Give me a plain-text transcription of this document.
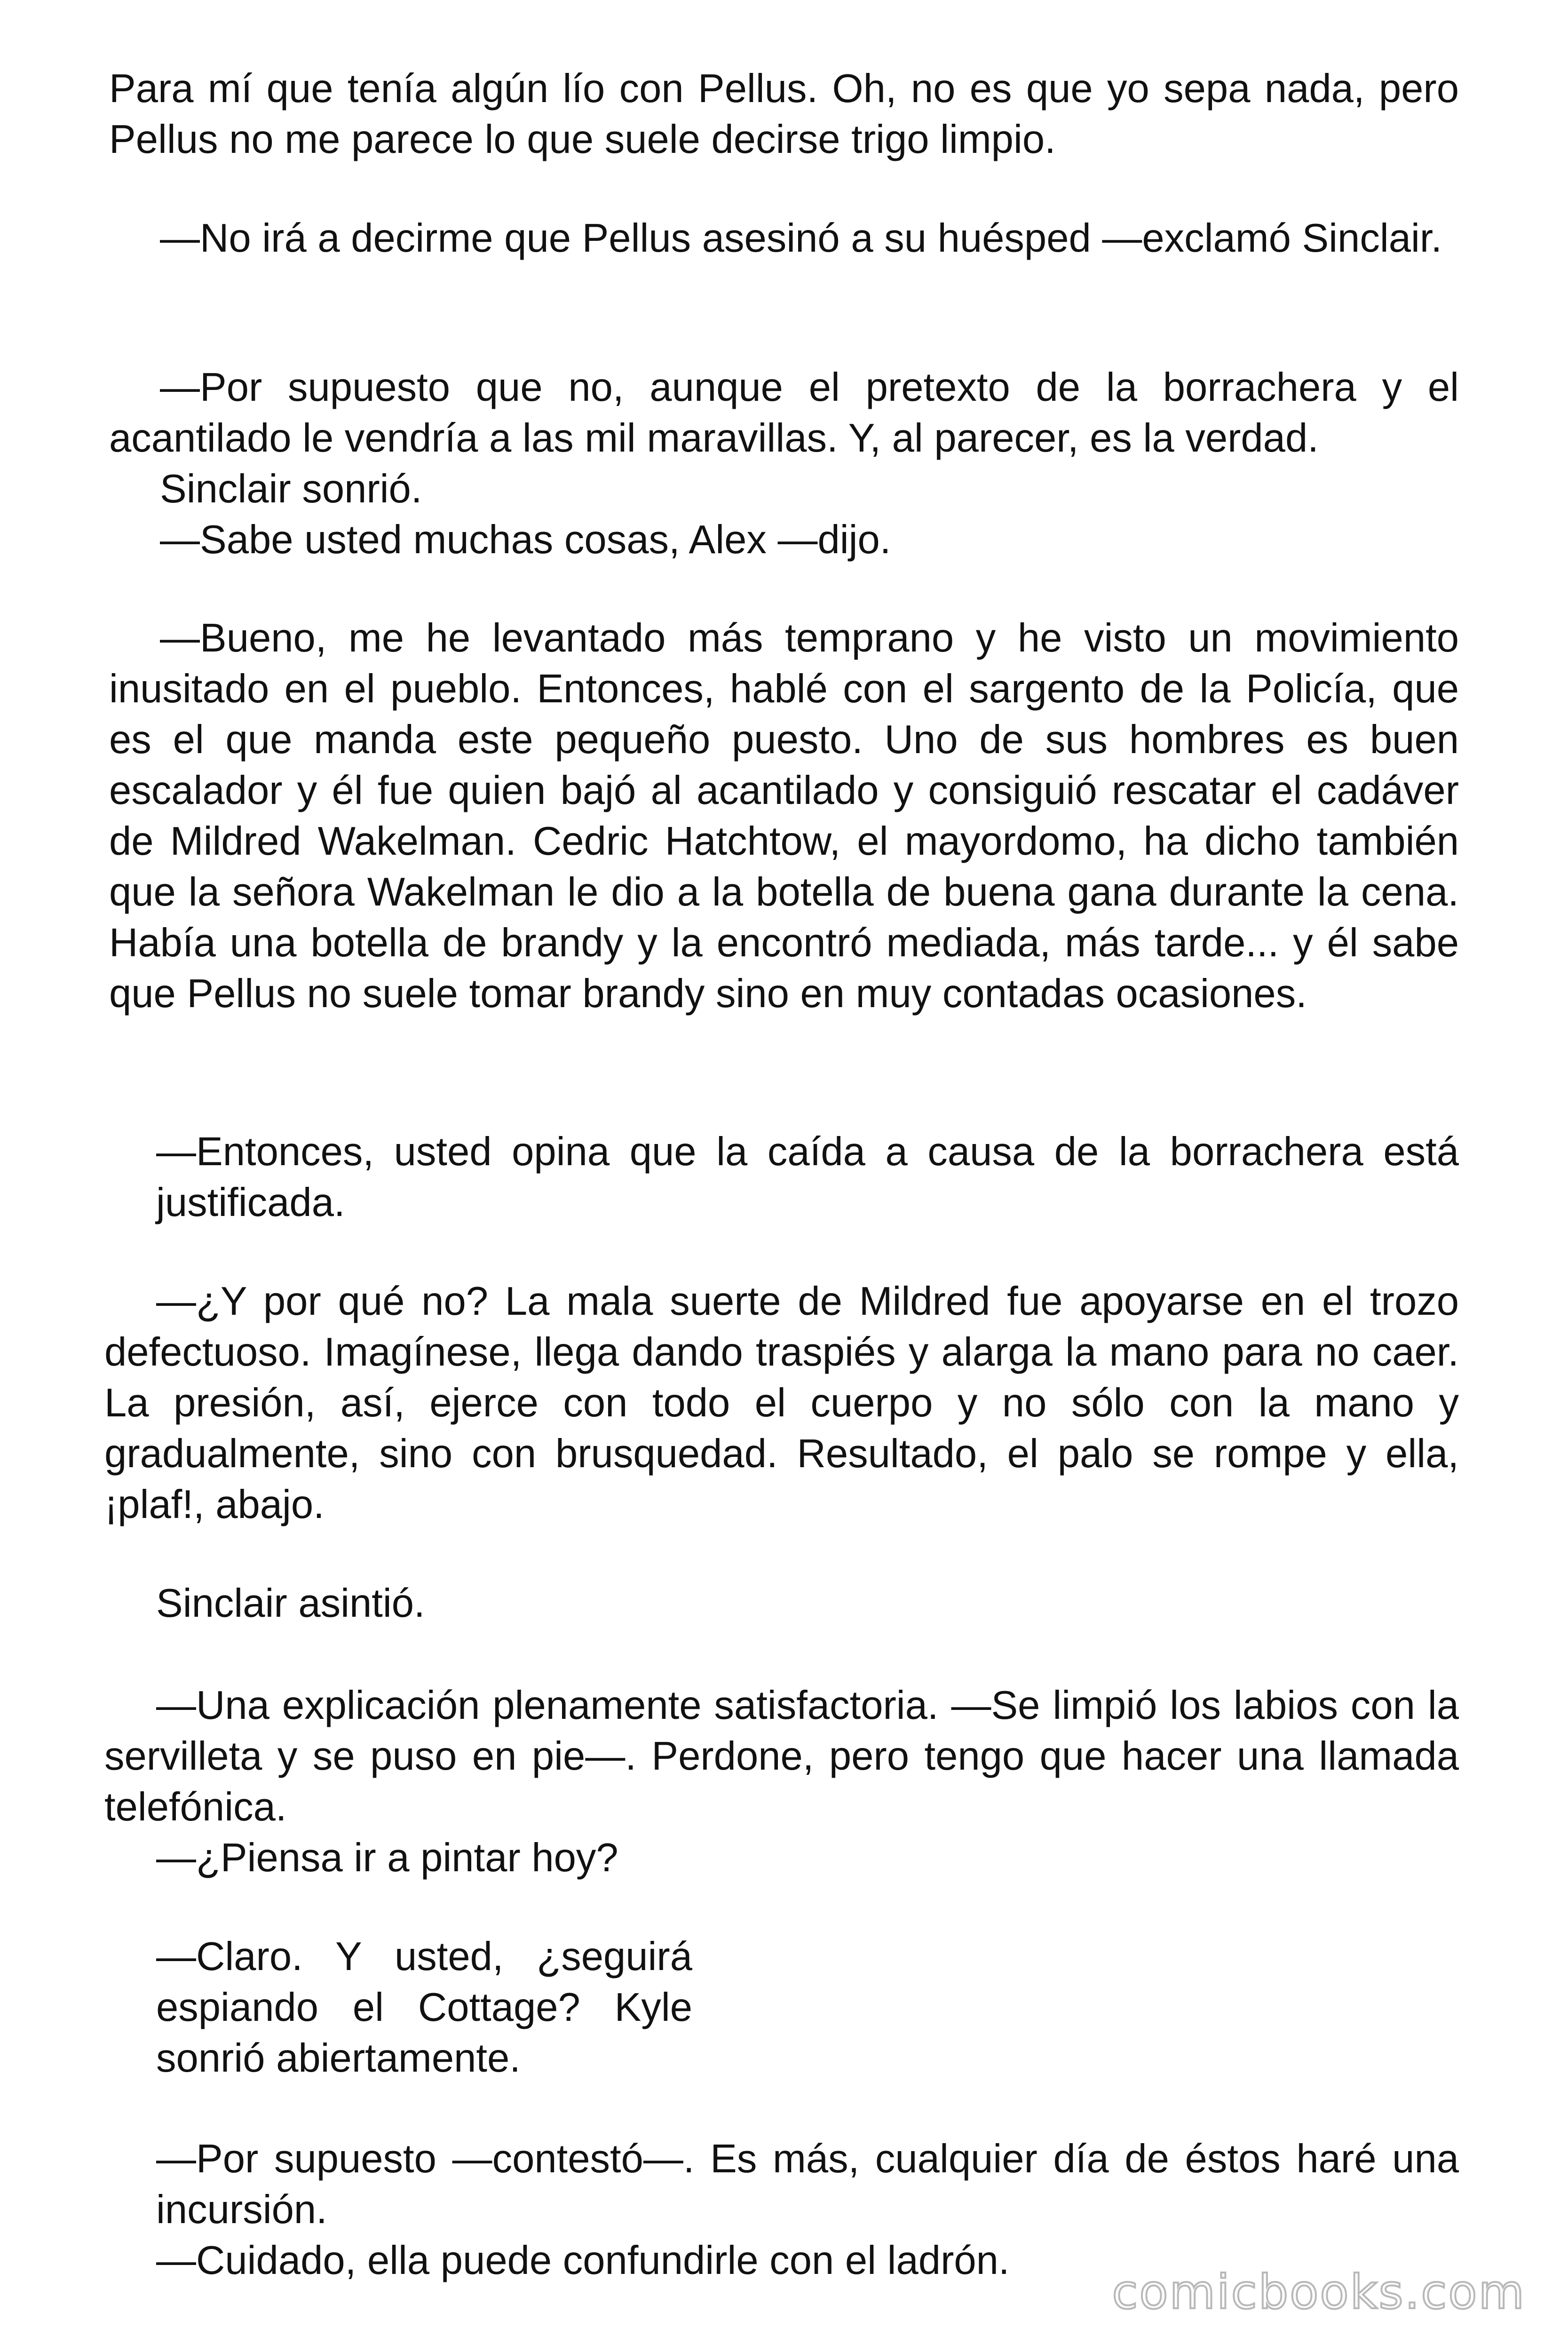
Para mí que tenía algún lío con Pellus. Oh, no es que yo sepa nada, pero Pellus no me parece lo que suele decirse trigo limpio.

—No irá a decirme que Pellus asesinó a su huésped —exclamó Sinclair.

—Por supuesto que no, aunque el pretexto de la borrachera y el acantilado le vendría a las mil maravillas. Y, al parecer, es la verdad.

Sinclair sonrió.

—Sabe usted muchas cosas, Alex —dijo.

—Bueno, me he levantado más temprano y he visto un movimiento inusitado en el pueblo. Entonces, hablé con el sargento de la Policía, que es el que manda este pequeño puesto. Uno de sus hombres es buen escalador y él fue quien bajó al acantilado y consiguió rescatar el cadáver de Mildred Wakelman. Cedric Hatchtow, el mayordomo, ha dicho también que la señora Wakelman le dio a la botella de buena gana durante la cena. Había una botella de brandy y la encontró mediada, más tarde... y él sabe que Pellus no suele tomar brandy sino en muy contadas ocasiones.

—Entonces, usted opina que la caída a causa de la borrachera está justificada.

—¿Y por qué no? La mala suerte de Mildred fue apoyarse en el trozo defectuoso. Imagínese, llega dando traspiés y alarga la mano para no caer. La presión, así, ejerce con todo el cuerpo y no sólo con la mano y gradualmente, sino con brusquedad. Resultado, el palo se rompe y ella, ¡plaf!, abajo.

Sinclair asintió.

—Una explicación plenamente satisfactoria. —Se limpió los labios con la servilleta y se puso en pie—. Perdone, pero tengo que hacer una llamada telefónica.

—¿Piensa ir a pintar hoy?

—Claro. Y usted, ¿seguirá espiando el Cottage? Kyle sonrió abiertamente.

—Por supuesto —contestó—. Es más, cualquier día de éstos haré una incursión.

—Cuidado, ella puede confundirle con el ladrón.

comicbooks.com
